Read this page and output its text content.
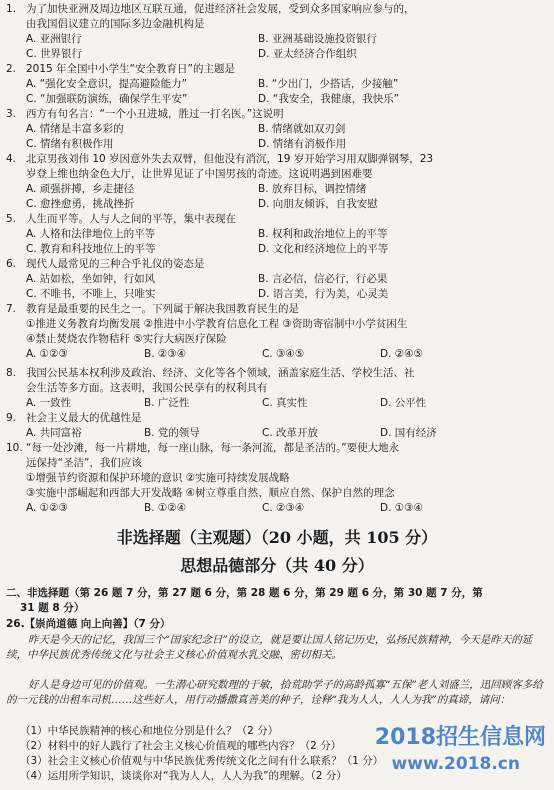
1. 为了加快亚洲及周边地区互联互通，促进经济社会发展，受到众多国家响应参与的，
由我国倡议建立的国际多边金融机构是
A. 亚洲银行	B. 亚洲基础设施投资银行
C. 世界银行	D. 亚太经济合作组织
2. 2015 年全国中小学生“安全教育日”的主题是
A. “强化安全意识，提高避险能力”	B. “少出门，少搭话，少接触”
C. “加强联防演练，确保学生平安”	D. “我安全，我健康，我快乐”
3. 西方有句名言：“一个小丑进城，胜过一打名医。”这说明
A. 情绪是丰富多彩的	B. 情绪就如双刃剑
C. 情绪有积极作用	D. 情绪有消极作用
4. 北京男孩刘伟 10 岁因意外失去双臂，但他没有消沉，19 岁开始学习用双脚弹钢琴，23
岁登上维也纳金色大厅，让世界见证了中国男孩的奇迹。这说明遇到困难要
A. 顽强拼搏，乡走捷径	B. 放弃目标，调控情绪
C. 愈挫愈勇，挑战挫折	D. 向朋友倾诉，自我安慰
5. 人生而平等。人与人之间的平等，集中表现在
A. 人格和法律地位上的平等	B. 权利和政治地位上的平等
C. 教育和科技地位上的平等	D. 文化和经济地位上的平等
6. 现代人最常见的三种合乎礼仪的姿态是
A. 站如松，坐如钟，行如风	B. 言必信，信必行，行必果
C. 不唯书，不唯上，只唯实	D. 语言美，行为美，心灵美
7. 教育是最重要的民生之一。下列属于解决我国教育民生的是
①推进义务教育均衡发展 ②推进中小学教育信息化工程 ③资助寄宿制中小学贫困生
④禁止焚烧农作物秸秆 ⑤实行大病医疗保险
A. ①②③	B. ②③④	C. ③④⑤	D. ②④⑤
8. 我国公民基本权利涉及政治、经济、文化等各个领域，涵盖家庭生活、学校生活、社
会生活等多方面。这表明，我国公民享有的权利具有
A. 一致性	B. 广泛性	C. 真实性	D. 公平性
9. 社会主义最大的优越性是
A. 共同富裕	B. 党的领导	C. 改革开放	D. 国有经济
10. “每一处沙滩，每一片耕地，每一座山脉，每一条河流，都是圣洁的。”要使大地永
远保持“圣洁”，我们应该
①增强节约资源和保护环境的意识 ②实施可持续发展战略
③实施中部崛起和西部大开发战略 ④树立尊重自然、顺应自然、保护自然的理念
A. ①②③	B. ①②④	C. ②③④	D. ①③④
非选择题（主观题）（20 小题，共 105 分）
思想品德部分（共 40 分）
二、非选择题（第 26 题 7 分，第 27 题 6 分，第 28 题 6 分，第 29 题 6 分，第 30 题 7 分，第
31 题 8 分）
26.【崇尚道德 向上向善】（7 分）
昨天是今天的记忆，我国三个“国家纪念日”的设立，就是要让国人铭记历史，弘扬民族精神，今天是昨天的延续，中华民族优秀传统文化与社会主义核心价值观水乳交融、密切相关。
好人是身边可见的价值观。一生潜心研究数理的于敏，拾荒助学子的高龄孤寡“五保”老人刘盛兰，迅回顾客多给的一元钱的出租车司机……这些好人，用行动播撒真善美的种子，诠释“我为人人，人人为我”的真谛，请问：
（1）中华民族精神的核心和地位分别是什么？（2 分）
（2）材料中的好人践行了社会主义核心价值观的哪些内容？（2 分）
（3）社会主义核心价值观与中华民族优秀传统文化之间有什么联系？（1 分）
（4）运用所学知识，谈谈你对“我为人人，人人为我”的理解。（2 分）
2018招生信息网
www.2018.cn
